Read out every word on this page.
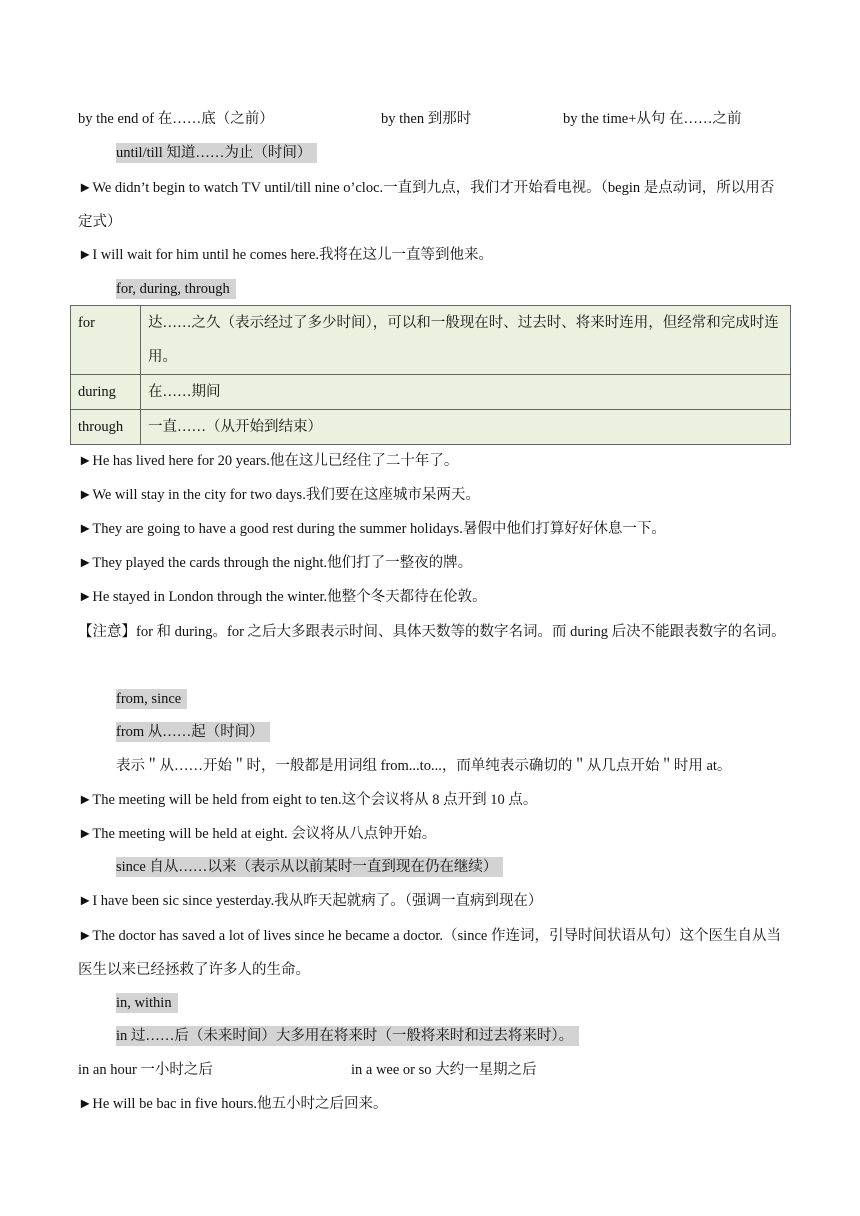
by the end of 在……底（之前）	by then 到那时	by the time+从句 在……之前
until/till 知道……为止（时间）
►We didn’t begin to watch TV until/till nine o’cloc.一直到九点，我们才开始看电视。（begin 是点动词，所以用否定式）
►I will wait for him until he comes here.我将在这儿一直等到他来。
for, during, through
for	达……之久（表示经过了多少时间），可以和一般现在时、过去时、将来时连用，但经常和完成时连用。
during	在……期间
through	一直……（从开始到结束）
►He has lived here for 20 years.他在这儿已经住了二十年了。
►We will stay in the city for two days.我们要在这座城市呆两天。
►They are going to have a good rest during the summer holidays.暑假中他们打算好好休息一下。
►They played the cards through the night.他们打了一整夜的牌。
►He stayed in London through the winter.他整个冬天都待在伦敦。
【注意】for 和 during。for 之后大多跟表示时间、具体天数等的数字名词。而 during 后决不能跟表数字的名词。
from, since
from 从……起（时间）
表示＂从……开始＂时，一般都是用词组 from...to...，而单纯表示确切的＂从几点开始＂时用 at。
►The meeting will be held from eight to ten.这个会议将从 8 点开到 10 点。
►The meeting will be held at eight. 会议将从八点钟开始。
since 自从……以来（表示从以前某时一直到现在仍在继续）
►I have been sic since yesterday.我从昨天起就病了。（强调一直病到现在）
►The doctor has saved a lot of lives since he became a doctor.（since 作连词，引导时间状语从句）这个医生自从当医生以来已经拯救了许多人的生命。
in, within
in 过……后（未来时间）大多用在将来时（一般将来时和过去将来时）。
in an hour 一小时之后	in a wee or so 大约一星期之后
►He will be bac in five hours.他五小时之后回来。
